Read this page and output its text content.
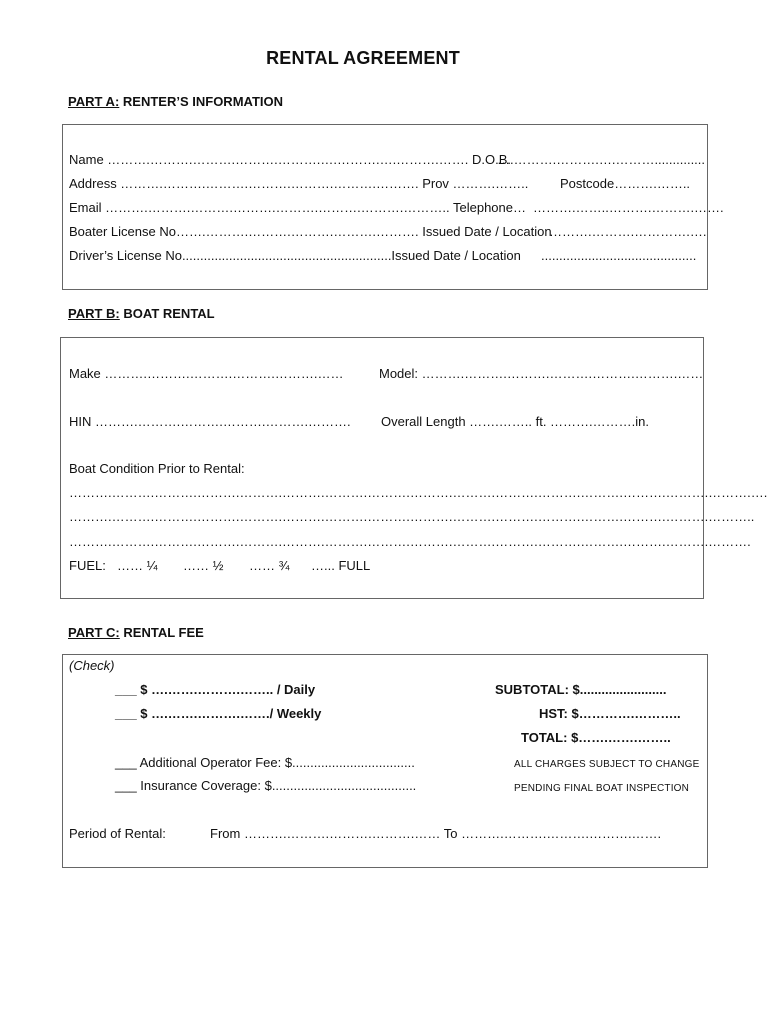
RENTAL AGREEMENT
PART A: RENTER’S INFORMATION
Name ……….……….……….……….……….….……….….……….……. D.O.B.
….……….……….….………..............
Address ……….……….……….……….……….……….………. Prov ……….…….. Postcode……….……..
Email ……….……….……….……….……….……….……….……….. Telephone… ……….……..……….……….…….
Boater License No…….……….……….……….……….………. Issued Date / Location
……….……….………….….
Driver’s License No..........................................................Issued Date / Location ...........................................
PART B: BOAT RENTAL
Make ……….……….……….……….……….……	Model: ……….……….……….……….……….……….……
HIN ……….……….……….……….……….………. Overall Length …….…….. ft. ……….……….in.
Boat Condition Prior to Rental:
……….……….……….……….……….……….……….……….……….……….……….……….……….……….……….……….….
……….……….……….……….……….……….……….……….……….……….……….……….……….……….……….………..
……….……….……….……….……….……….……….……….……….……….……….……….……….……….……….……….
FUEL: …… ¼ …… ½ …… ¾ …... FULL
PART C: RENTAL FEE
(Check)
___ $ ….…….……….…….. / Daily
___ $ ….…….……….……./ Weekly
SUBTOTAL: $........................
HST: $………….………..
TOTAL: $…….…….……..
___ Additional Operator Fee: $..................................
___ Insurance Coverage: $........................................
ALL CHARGES SUBJECT TO CHANGE
PENDING FINAL BOAT INSPECTION
Period of Rental:	From ……….……….……….……….…… To ……….……….……….……….…….
